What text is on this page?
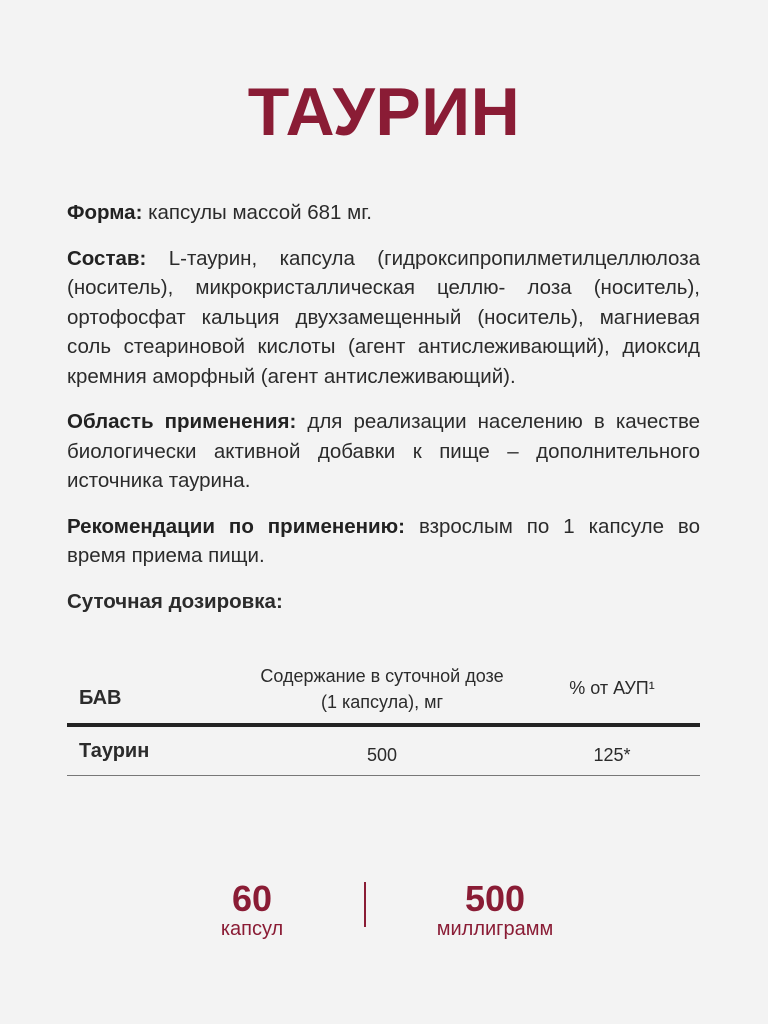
ТАУРИН

Форма: капсулы массой 681 мг.

Состав: L-таурин, капсула (гидроксипропилметилцеллюлоза (носитель), микрокристаллическая целлю- лоза (носитель), ортофосфат кальция двухзамещенный (носитель), магниевая соль стеариновой кислоты (агент антислеживающий), диоксид кремния аморфный (агент антислеживающий).

Область применения: для реализации населению в качестве биологически активной добавки к пище – дополнительного источника таурина.

Рекомендации по применению: взрослым по 1 капсуле во время приема пищи.

Суточная дозировка:

БАВ
Содержание в суточной дозе (1 капсула), мг
% от АУП¹
Таурин	500	125*
60
капсул
500
миллиграмм
